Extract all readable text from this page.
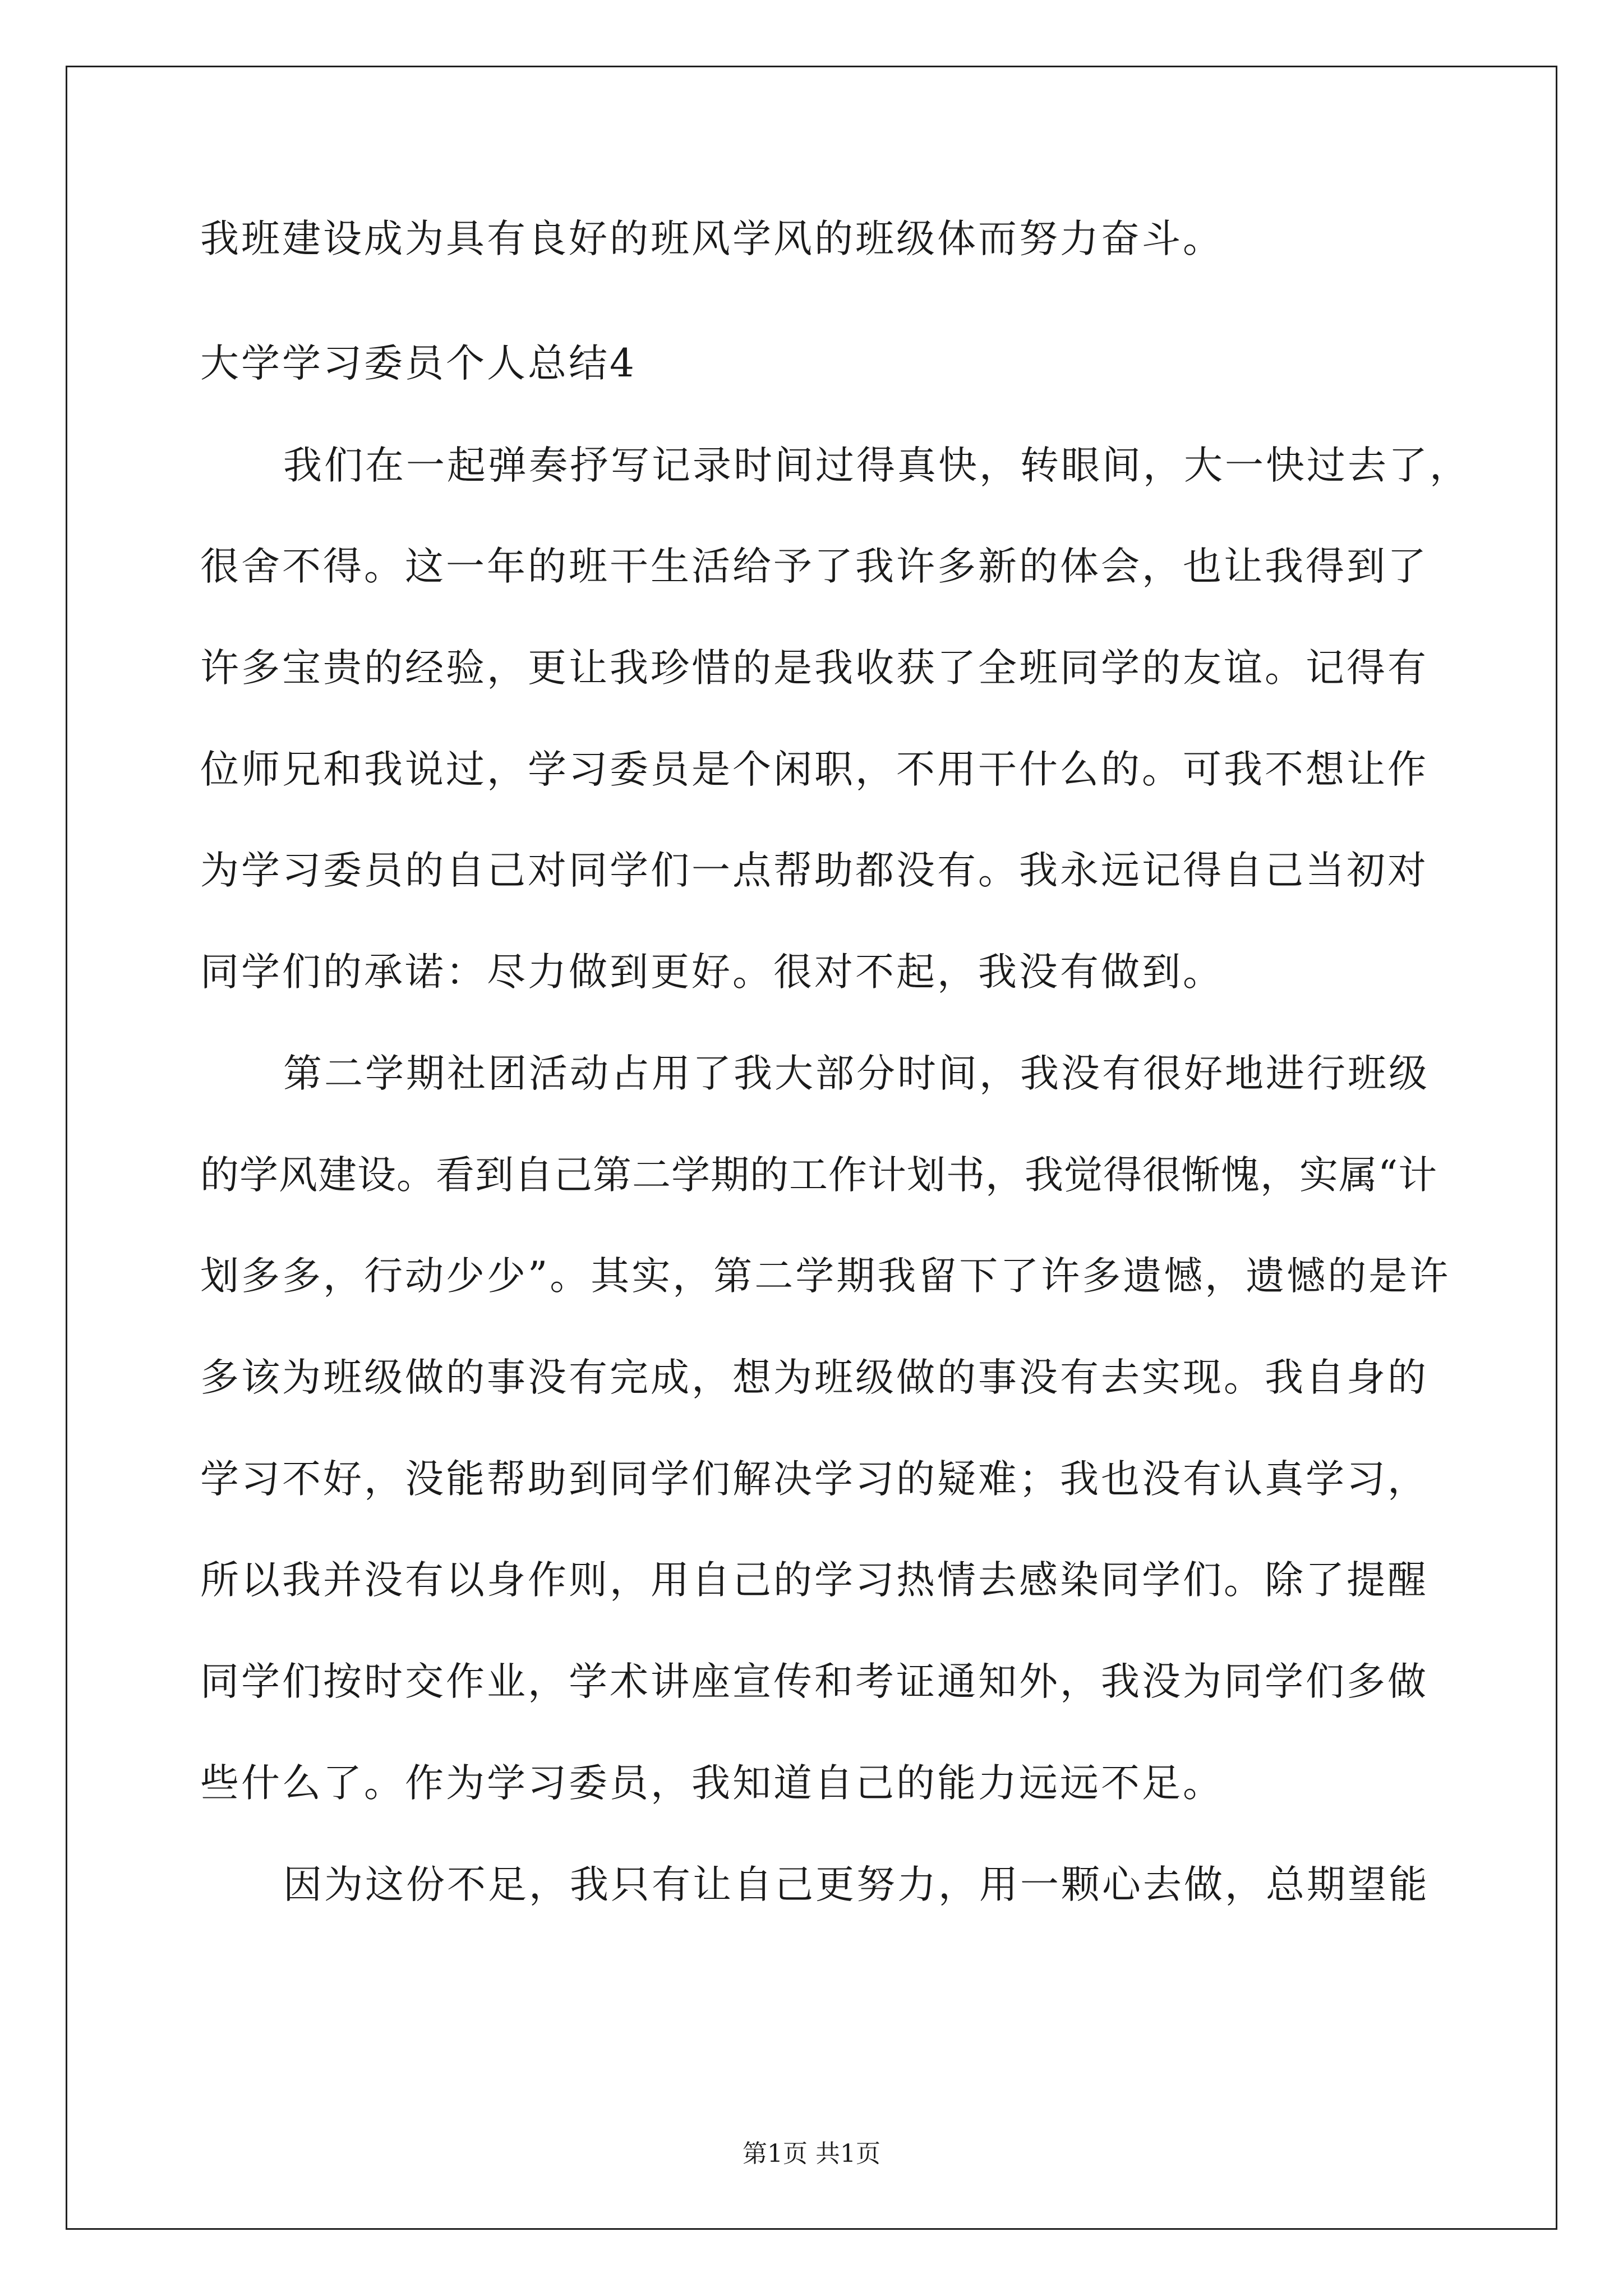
我班建设成为具有良好的班风学风的班级体而努力奋斗。
大学学习委员个人总结4
我们在一起弹奏抒写记录时间过得真快，转眼间，大一快过去了，
很舍不得。这一年的班干生活给予了我许多新的体会，也让我得到了
许多宝贵的经验，更让我珍惜的是我收获了全班同学的友谊。记得有
位师兄和我说过，学习委员是个闲职，不用干什么的。可我不想让作
为学习委员的自己对同学们一点帮助都没有。我永远记得自己当初对
同学们的承诺：尽力做到更好。很对不起，我没有做到。
第二学期社团活动占用了我大部分时间，我没有很好地进行班级
的学风建设。看到自己第二学期的工作计划书，我觉得很惭愧，实属“计
划多多，行动少少”。其实，第二学期我留下了许多遗憾，遗憾的是许
多该为班级做的事没有完成，想为班级做的事没有去实现。我自身的
学习不好，没能帮助到同学们解决学习的疑难；我也没有认真学习，
所以我并没有以身作则，用自己的学习热情去感染同学们。除了提醒
同学们按时交作业，学术讲座宣传和考证通知外，我没为同学们多做
些什么了。作为学习委员，我知道自己的能力远远不足。
因为这份不足，我只有让自己更努力，用一颗心去做，总期望能
第1页 共1页
